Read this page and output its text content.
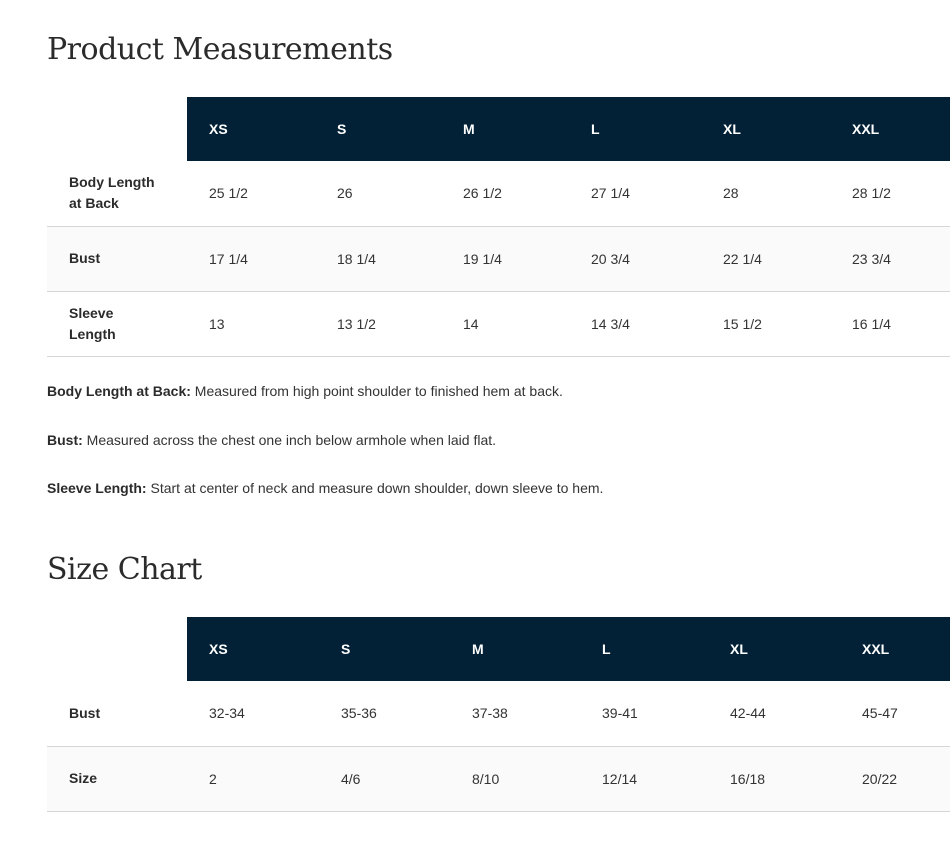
Product Measurements
	XS	S	M	L	XL	XXL
Body Length at Back	25 1/2	26	26 1/2	27 1/4	28	28 1/2
Bust	17 1/4	18 1/4	19 1/4	20 3/4	22 1/4	23 3/4
Sleeve Length	13	13 1/2	14	14 3/4	15 1/2	16 1/4

Body Length at Back: Measured from high point shoulder to finished hem at back.

Bust: Measured across the chest one inch below armhole when laid flat.

Sleeve Length: Start at center of neck and measure down shoulder, down sleeve to hem.

Size Chart
	XS	S	M	L	XL	XXL
Bust	32-34	35-36	37-38	39-41	42-44	45-47
Size	2	4/6	8/10	12/14	16/18	20/22
